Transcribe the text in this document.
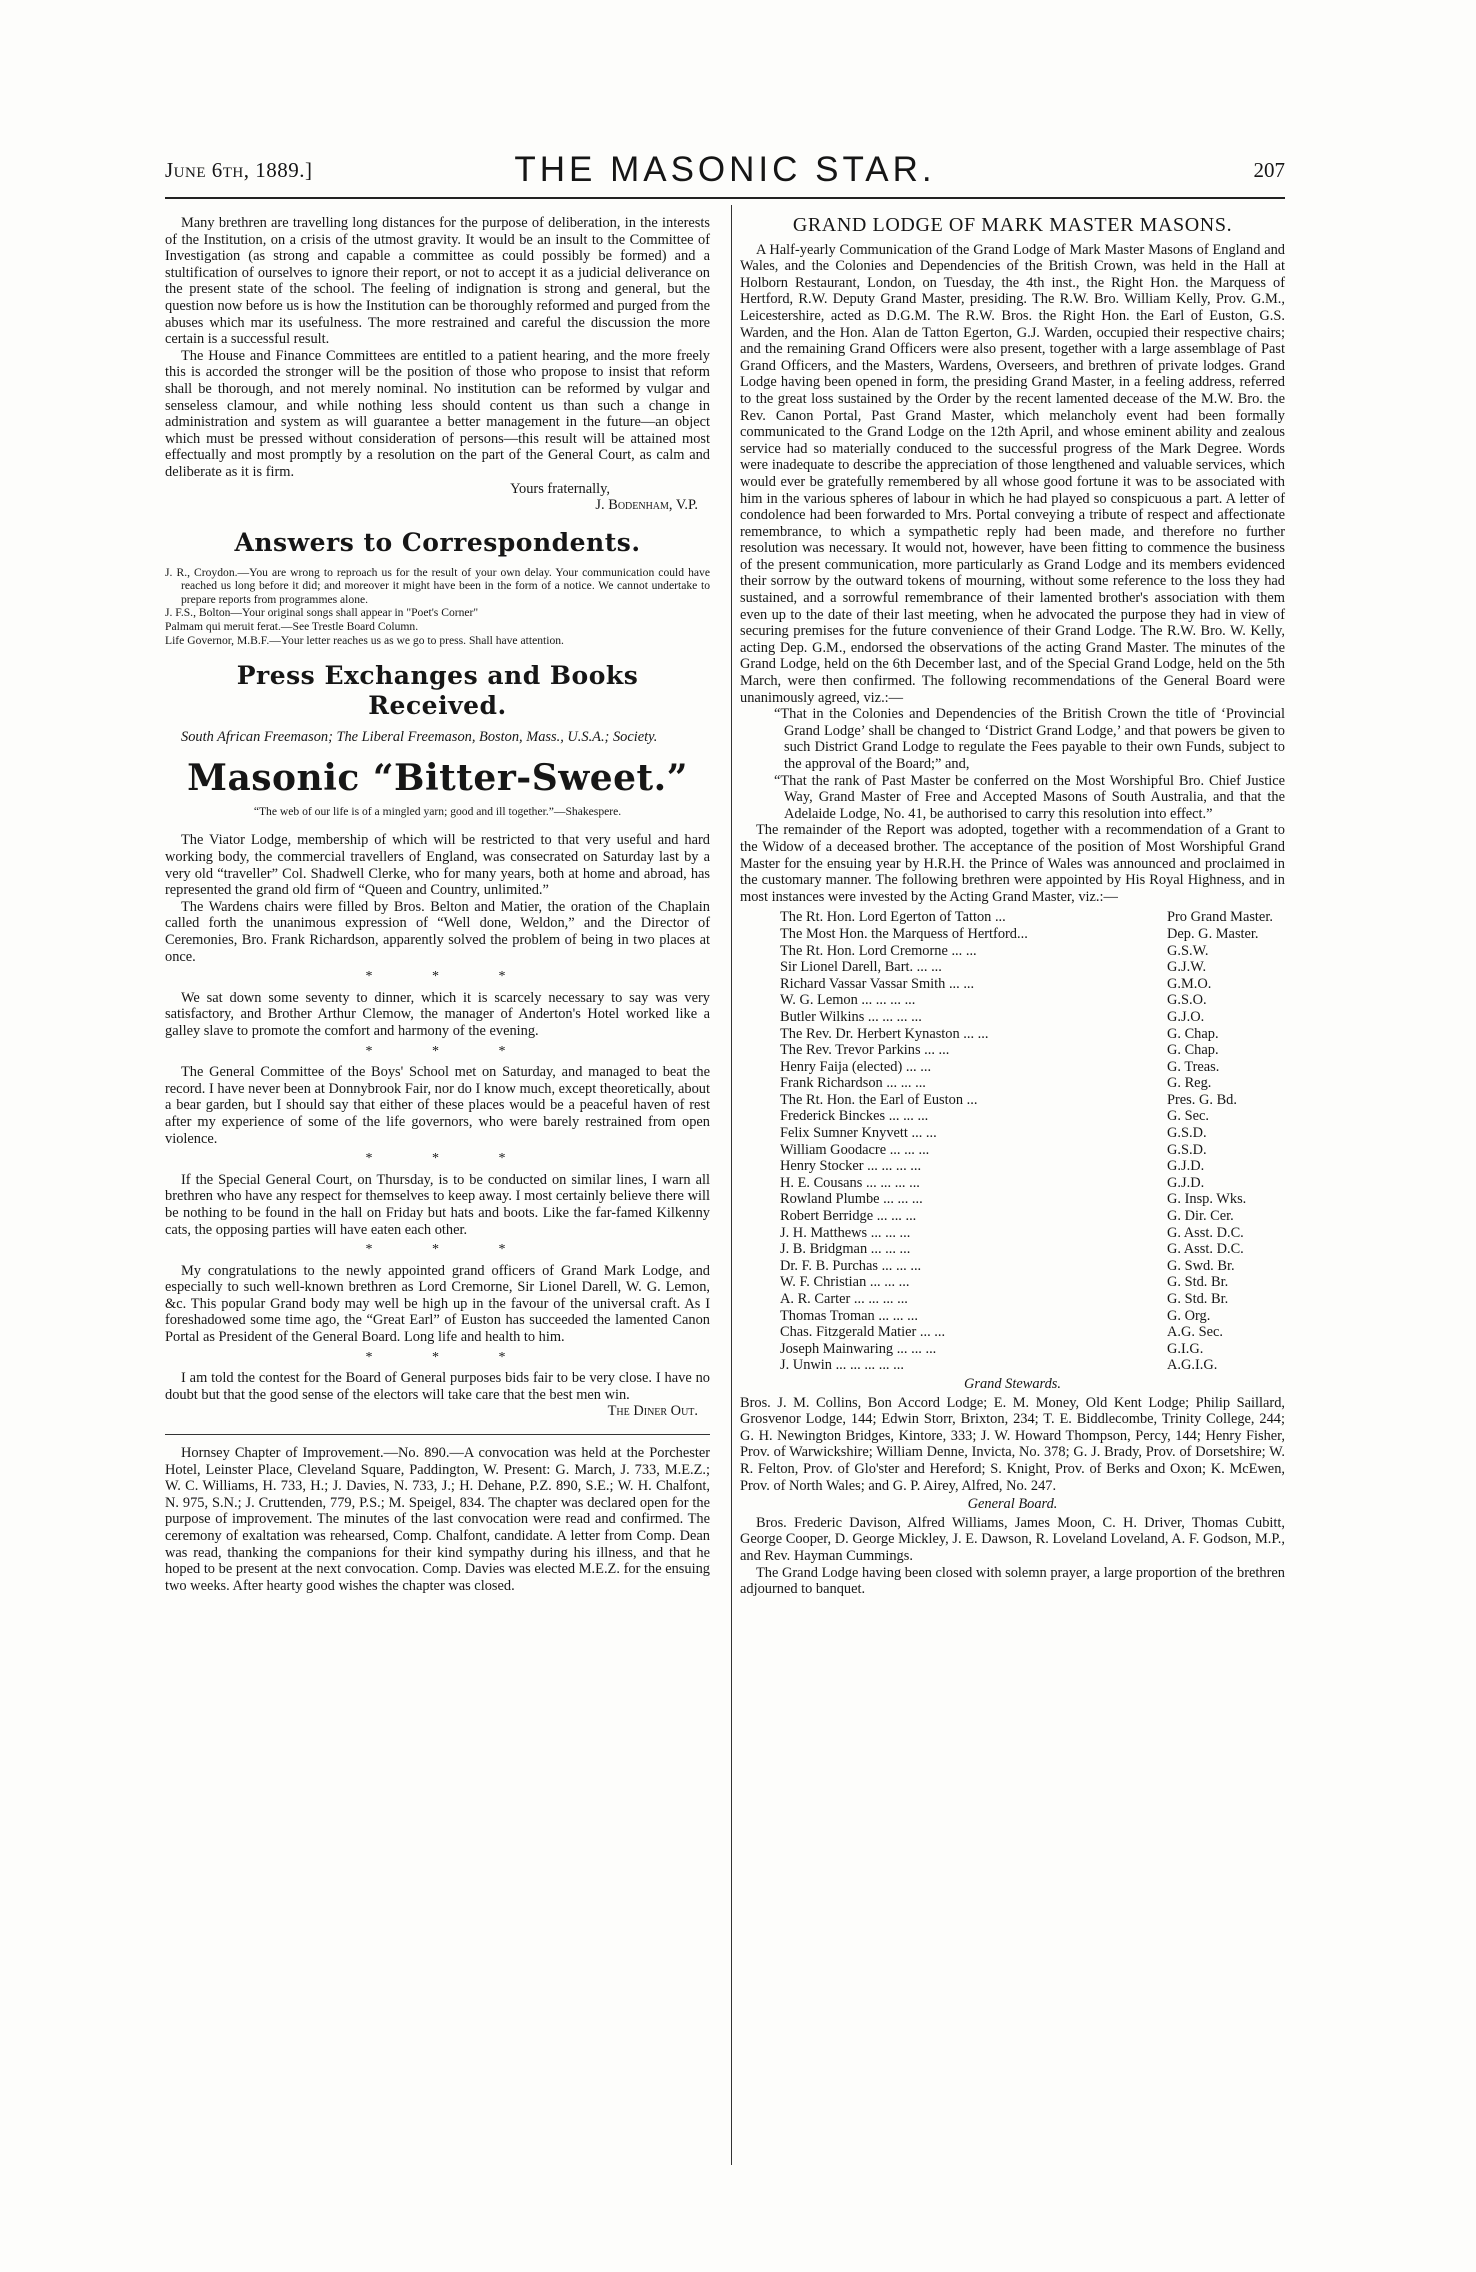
June 6th, 1889.]	THE MASONIC STAR.	207

Many brethren are travelling long distances for the purpose of deliberation, in the interests of the Institution, on a crisis of the utmost gravity. It would be an insult to the Committee of Investigation (as strong and capable a committee as could possibly be formed) and a stultification of ourselves to ignore their report, or not to accept it as a judicial deliverance on the present state of the school. The feeling of indignation is strong and general, but the question now before us is how the Institution can be thoroughly reformed and purged from the abuses which mar its usefulness. The more restrained and careful the discussion the more certain is a successful result.

The House and Finance Committees are entitled to a patient hearing, and the more freely this is accorded the stronger will be the position of those who propose to insist that reform shall be thorough, and not merely nominal. No institution can be reformed by vulgar and senseless clamour, and while nothing less should content us than such a change in administration and system as will guarantee a better management in the future—an object which must be pressed without consideration of persons—this result will be attained most effectually and most promptly by a resolution on the part of the General Court, as calm and deliberate as it is firm.

Yours fraternally,

J. Bodenham, V.P.

Answers to Correspondents.

J. R., Croydon.—You are wrong to reproach us for the result of your own delay. Your communication could have reached us long before it did; and moreover it might have been in the form of a notice. We cannot undertake to prepare reports from programmes alone.

J. F.S., Bolton—Your original songs shall appear in "Poet's Corner"

Palmam qui meruit ferat.—See Trestle Board Column.

Life Governor, M.B.F.—Your letter reaches us as we go to press. Shall have attention.

Press Exchanges and Books Received.

South African Freemason; The Liberal Freemason, Boston, Mass., U.S.A.; Society.

Masonic “Bitter-Sweet.”
“The web of our life is of a mingled yarn; good and ill together.”—Shakespere.

The Viator Lodge, membership of which will be restricted to that very useful and hard working body, the commercial travellers of England, was consecrated on Saturday last by a very old “traveller” Col. Shadwell Clerke, who for many years, both at home and abroad, has represented the grand old firm of “Queen and Country, unlimited.”

The Wardens chairs were filled by Bros. Belton and Matier, the oration of the Chaplain called forth the unanimous expression of “Well done, Weldon,” and the Director of Ceremonies, Bro. Frank Richardson, apparently solved the problem of being in two places at once.

* * *

We sat down some seventy to dinner, which it is scarcely necessary to say was very satisfactory, and Brother Arthur Clemow, the manager of Anderton's Hotel worked like a galley slave to promote the comfort and harmony of the evening.

* * *

The General Committee of the Boys' School met on Saturday, and managed to beat the record. I have never been at Donnybrook Fair, nor do I know much, except theoretically, about a bear garden, but I should say that either of these places would be a peaceful haven of rest after my experience of some of the life governors, who were barely restrained from open violence.

* * *

If the Special General Court, on Thursday, is to be conducted on similar lines, I warn all brethren who have any respect for themselves to keep away. I most certainly believe there will be nothing to be found in the hall on Friday but hats and boots. Like the far-famed Kilkenny cats, the opposing parties will have eaten each other.

* * *

My congratulations to the newly appointed grand officers of Grand Mark Lodge, and especially to such well-known brethren as Lord Cremorne, Sir Lionel Darell, W. G. Lemon, &c. This popular Grand body may well be high up in the favour of the universal craft. As I foreshadowed some time ago, the “Great Earl” of Euston has succeeded the lamented Canon Portal as President of the General Board. Long life and health to him.

* * *

I am told the contest for the Board of General purposes bids fair to be very close. I have no doubt but that the good sense of the electors will take care that the best men win.

The Diner Out.

Hornsey Chapter of Improvement.—No. 890.—A convocation was held at the Porchester Hotel, Leinster Place, Cleveland Square, Paddington, W. Present: G. March, J. 733, M.E.Z.; W. C. Williams, H. 733, H.; J. Davies, N. 733, J.; H. Dehane, P.Z. 890, S.E.; W. H. Chalfont, N. 975, S.N.; J. Cruttenden, 779, P.S.; M. Speigel, 834. The chapter was declared open for the purpose of improvement. The minutes of the last convocation were read and confirmed. The ceremony of exaltation was rehearsed, Comp. Chalfont, candidate. A letter from Comp. Dean was read, thanking the companions for their kind sympathy during his illness, and that he hoped to be present at the next convocation. Comp. Davies was elected M.E.Z. for the ensuing two weeks. After hearty good wishes the chapter was closed.

GRAND LODGE OF MARK MASTER MASONS.

A Half-yearly Communication of the Grand Lodge of Mark Master Masons of England and Wales, and the Colonies and Dependencies of the British Crown, was held in the Hall at Holborn Restaurant, London, on Tuesday, the 4th inst., the Right Hon. the Marquess of Hertford, R.W. Deputy Grand Master, presiding. The R.W. Bro. William Kelly, Prov. G.M., Leicestershire, acted as D.G.M. The R.W. Bros. the Right Hon. the Earl of Euston, G.S. Warden, and the Hon. Alan de Tatton Egerton, G.J. Warden, occupied their respective chairs; and the remaining Grand Officers were also present, together with a large assemblage of Past Grand Officers, and the Masters, Wardens, Overseers, and brethren of private lodges. Grand Lodge having been opened in form, the presiding Grand Master, in a feeling address, referred to the great loss sustained by the Order by the recent lamented decease of the M.W. Bro. the Rev. Canon Portal, Past Grand Master, which melancholy event had been formally communicated to the Grand Lodge on the 12th April, and whose eminent ability and zealous service had so materially conduced to the successful progress of the Mark Degree. Words were inadequate to describe the appreciation of those lengthened and valuable services, which would ever be gratefully remembered by all whose good fortune it was to be associated with him in the various spheres of labour in which he had played so conspicuous a part. A letter of condolence had been forwarded to Mrs. Portal conveying a tribute of respect and affectionate remembrance, to which a sympathetic reply had been made, and therefore no further resolution was necessary. It would not, however, have been fitting to commence the business of the present communication, more particularly as Grand Lodge and its members evidenced their sorrow by the outward tokens of mourning, without some reference to the loss they had sustained, and a sorrowful remembrance of their lamented brother's association with them even up to the date of their last meeting, when he advocated the purpose they had in view of securing premises for the future convenience of their Grand Lodge. The R.W. Bro. W. Kelly, acting Dep. G.M., endorsed the observations of the acting Grand Master. The minutes of the Grand Lodge, held on the 6th December last, and of the Special Grand Lodge, held on the 5th March, were then confirmed. The following recommendations of the General Board were unanimously agreed, viz.:—

“That in the Colonies and Dependencies of the British Crown the title of ‘Provincial Grand Lodge’ shall be changed to ‘District Grand Lodge,’ and that powers be given to such District Grand Lodge to regulate the Fees payable to their own Funds, subject to the approval of the Board;” and,

“That the rank of Past Master be conferred on the Most Worshipful Bro. Chief Justice Way, Grand Master of Free and Accepted Masons of South Australia, and that the Adelaide Lodge, No. 41, be authorised to carry this resolution into effect.”

The remainder of the Report was adopted, together with a recommendation of a Grant to the Widow of a deceased brother. The acceptance of the position of Most Worshipful Grand Master for the ensuing year by H.R.H. the Prince of Wales was announced and proclaimed in the customary manner. The following brethren were appointed by His Royal Highness, and in most instances were invested by the Acting Grand Master, viz.:—

The Rt. Hon. Lord Egerton of Tatton ...	Pro Grand Master.
The Most Hon. the Marquess of Hertford...	Dep. G. Master.
The Rt. Hon. Lord Cremorne ... ...	G.S.W.
Sir Lionel Darell, Bart. ... ...	G.J.W.
Richard Vassar Vassar Smith ... ...	G.M.O.
W. G. Lemon ... ... ... ...	G.S.O.
Butler Wilkins ... ... ... ...	G.J.O.
The Rev. Dr. Herbert Kynaston ... ...	G. Chap.
The Rev. Trevor Parkins ... ...	G. Chap.
Henry Faija (elected) ... ...	G. Treas.
Frank Richardson ... ... ...	G. Reg.
The Rt. Hon. the Earl of Euston ...	Pres. G. Bd.
Frederick Binckes ... ... ...	G. Sec.
Felix Sumner Knyvett ... ...	G.S.D.
William Goodacre ... ... ...	G.S.D.
Henry Stocker ... ... ... ...	G.J.D.
H. E. Cousans ... ... ... ...	G.J.D.
Rowland Plumbe ... ... ...	G. Insp. Wks.
Robert Berridge ... ... ...	G. Dir. Cer.
J. H. Matthews ... ... ...	G. Asst. D.C.
J. B. Bridgman ... ... ...	G. Asst. D.C.
Dr. F. B. Purchas ... ... ...	G. Swd. Br.
W. F. Christian ... ... ...	G. Std. Br.
A. R. Carter ... ... ... ...	G. Std. Br.
Thomas Troman ... ... ...	G. Org.
Chas. Fitzgerald Matier ... ...	A.G. Sec.
Joseph Mainwaring ... ... ...	G.I.G.
J. Unwin ... ... ... ... ...	A.G.I.G.
Grand Stewards.

Bros. J. M. Collins, Bon Accord Lodge; E. M. Money, Old Kent Lodge; Philip Saillard, Grosvenor Lodge, 144; Edwin Storr, Brixton, 234; T. E. Biddlecombe, Trinity College, 244; G. H. Newington Bridges, Kintore, 333; J. W. Howard Thompson, Percy, 144; Henry Fisher, Prov. of Warwickshire; William Denne, Invicta, No. 378; G. J. Brady, Prov. of Dorsetshire; W. R. Felton, Prov. of Glo'ster and Hereford; S. Knight, Prov. of Berks and Oxon; K. McEwen, Prov. of North Wales; and G. P. Airey, Alfred, No. 247.

General Board.

Bros. Frederic Davison, Alfred Williams, James Moon, C. H. Driver, Thomas Cubitt, George Cooper, D. George Mickley, J. E. Dawson, R. Loveland Loveland, A. F. Godson, M.P., and Rev. Hayman Cummings.

The Grand Lodge having been closed with solemn prayer, a large proportion of the brethren adjourned to banquet.
